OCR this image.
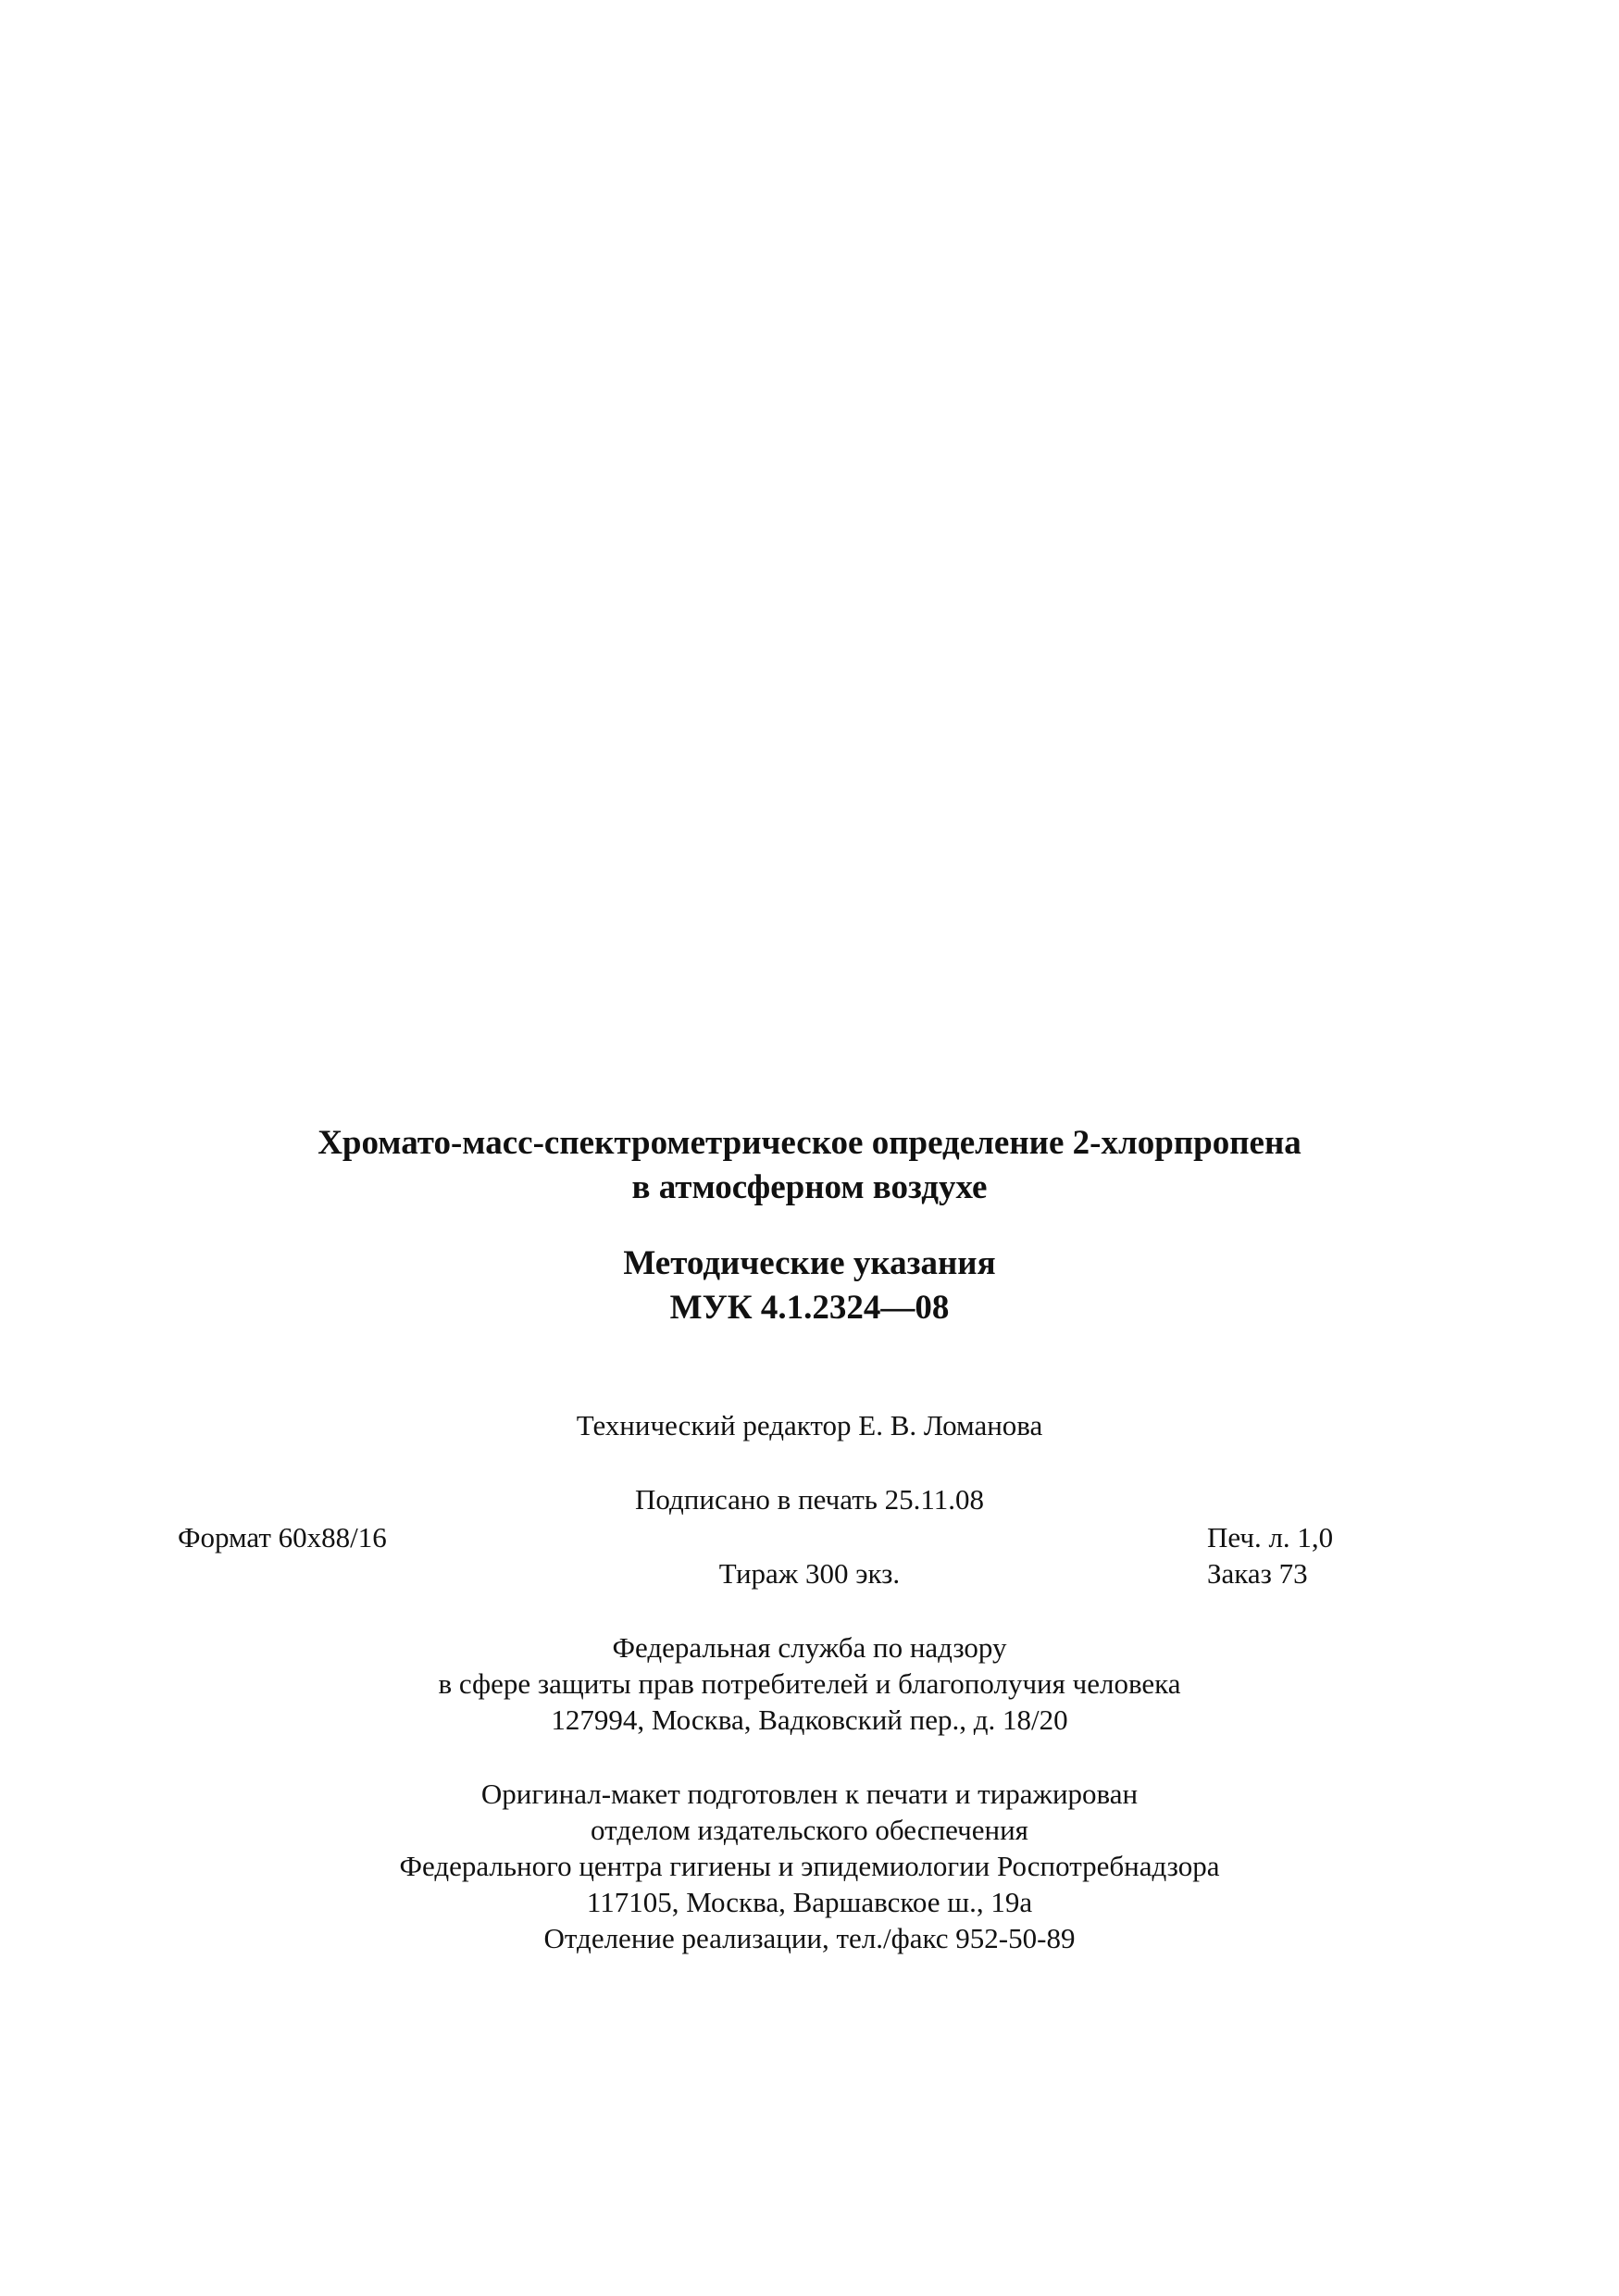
Хромато-масс-спектрометрическое определение 2-хлорпропена
в атмосферном воздухе
Методические указания
МУК 4.1.2324—08
Технический редактор Е. В. Ломанова
Подписано в печать 25.11.08
Формат 60х88/16	Печ. л. 1,0
Тираж 300 экз.	Заказ 73
Федеральная служба по надзору
в сфере защиты прав потребителей и благополучия человека
127994, Москва, Вадковский пер., д. 18/20
Оригинал-макет подготовлен к печати и тиражирован
отделом издательского обеспечения
Федерального центра гигиены и эпидемиологии Роспотребнадзора
117105, Москва, Варшавское ш., 19а
Отделение реализации, тел./факс 952-50-89
